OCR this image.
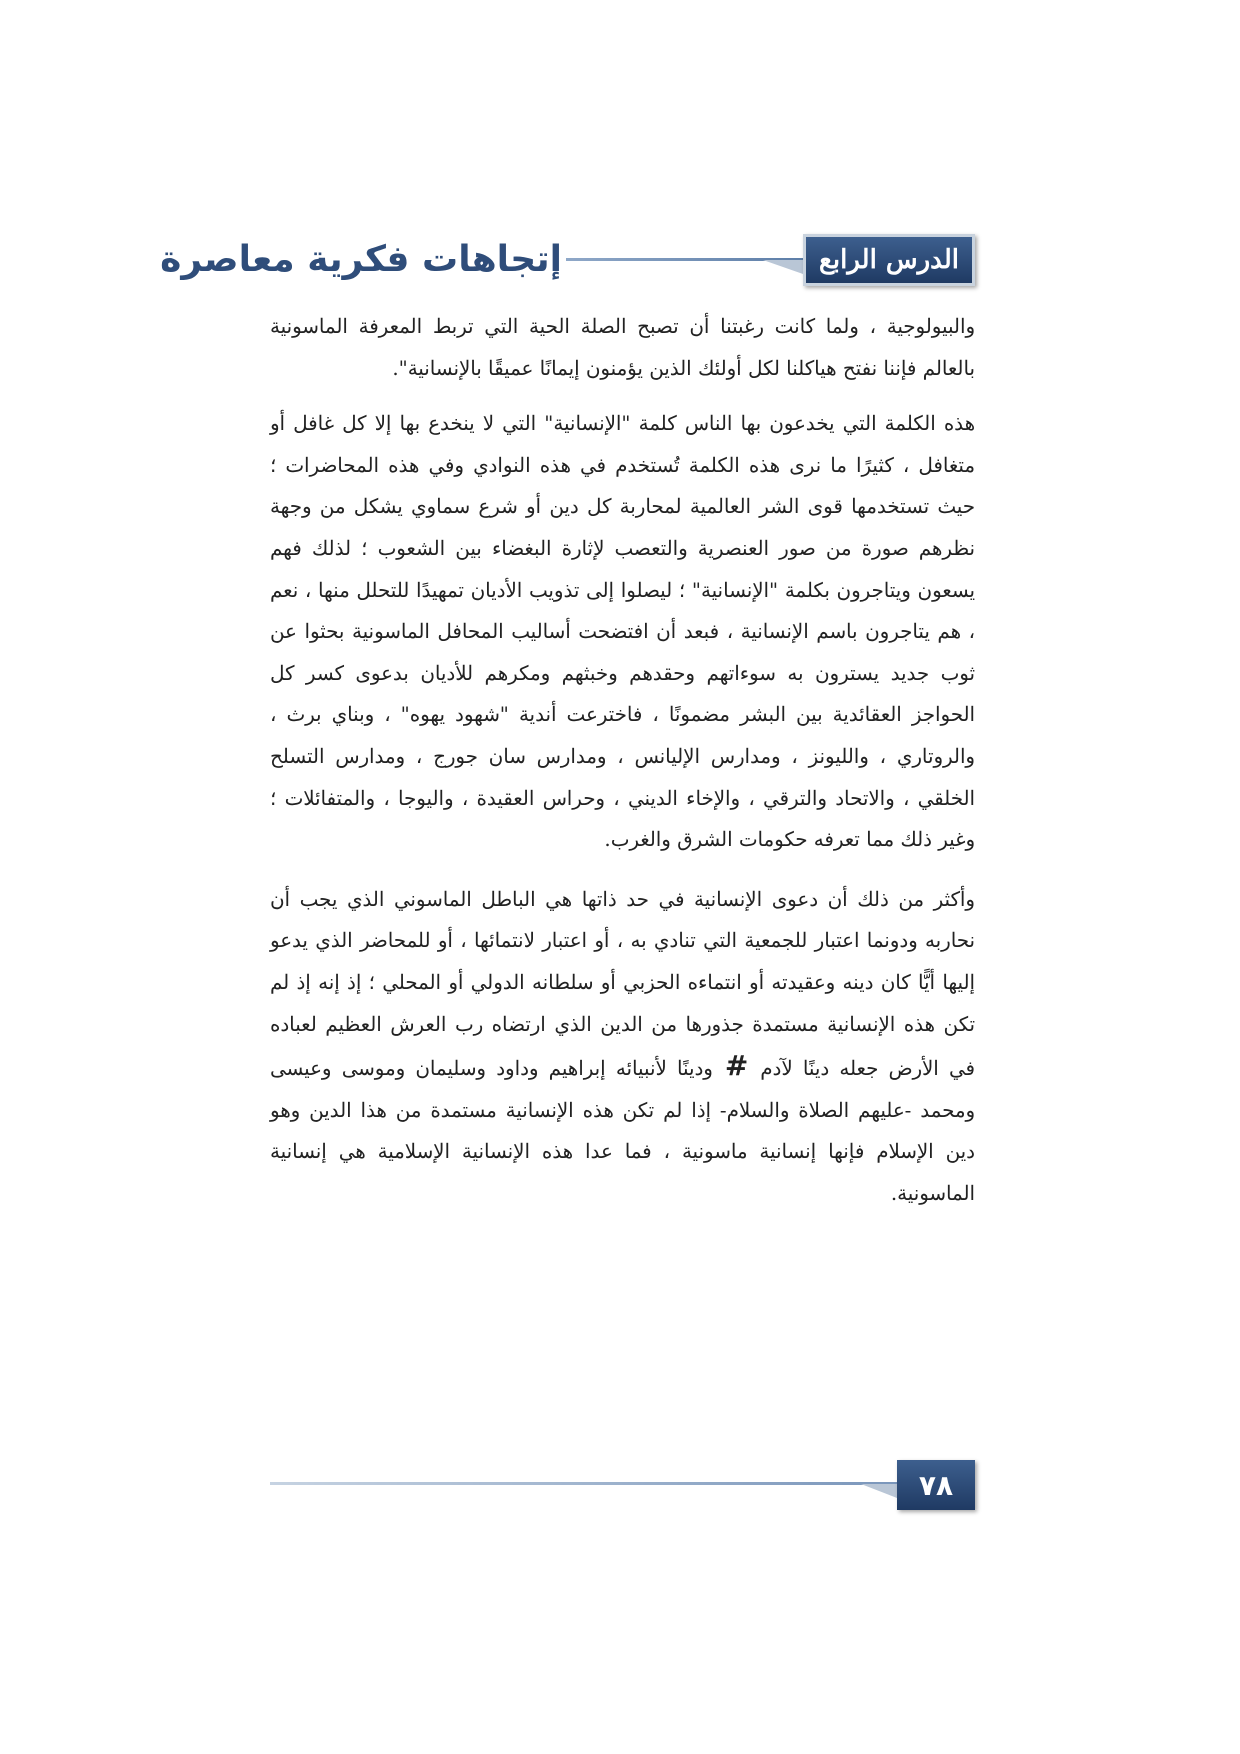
إتجاهات فكرية معاصرة	الدرس الرابع

والبيولوجية ، ولما كانت رغبتنا أن تصبح الصلة الحية التي تربط المعرفة الماسونية بالعالم فإننا نفتح هياكلنا لكل أولئك الذين يؤمنون إيمانًا عميقًا بالإنسانية".

هذه الكلمة التي يخدعون بها الناس كلمة "الإنسانية" التي لا ينخدع بها إلا كل غافل أو متغافل ، كثيرًا ما نرى هذه الكلمة تُستخدم في هذه النوادي وفي هذه المحاضرات ؛ حيث تستخدمها قوى الشر العالمية لمحاربة كل دين أو شرع سماوي يشكل من وجهة نظرهم صورة من صور العنصرية والتعصب لإثارة البغضاء بين الشعوب ؛ لذلك فهم يسعون ويتاجرون بكلمة "الإنسانية" ؛ ليصلوا إلى تذويب الأديان تمهيدًا للتحلل منها ، نعم ، هم يتاجرون باسم الإنسانية ، فبعد أن افتضحت أساليب المحافل الماسونية بحثوا عن ثوب جديد يسترون به سوءاتهم وحقدهم وخبثهم ومكرهم للأديان بدعوى كسر كل الحواجز العقائدية بين البشر مضمونًا ، فاخترعت أندية "شهود يهوه" ، وبناي برث ، والروتاري ، والليونز ، ومدارس الإليانس ، ومدارس سان جورج ، ومدارس التسلح الخلقي ، والاتحاد والترقي ، والإخاء الديني ، وحراس العقيدة ، واليوجا ، والمتفائلات ؛ وغير ذلك مما تعرفه حكومات الشرق والغرب.

وأكثر من ذلك أن دعوى الإنسانية في حد ذاتها هي الباطل الماسوني الذي يجب أن نحاربه ودونما اعتبار للجمعية التي تنادي به ، أو اعتبار لانتمائها ، أو للمحاضر الذي يدعو إليها أيًّا كان دينه وعقيدته أو انتماءه الحزبي أو سلطانه الدولي أو المحلي ؛ إذ إنه إذ لم تكن هذه الإنسانية مستمدة جذورها من الدين الذي ارتضاه رب العرش العظيم لعباده في الأرض جعله دينًا لآدم#ودينًا لأنبيائه إبراهيم وداود وسليمان وموسى وعيسى ومحمد -عليهم الصلاة والسلام- إذا لم تكن هذه الإنسانية مستمدة من هذا الدين وهو دين الإسلام فإنها إنسانية ماسونية ، فما عدا هذه الإنسانية الإسلامية هي إنسانية الماسونية.

٧٨
